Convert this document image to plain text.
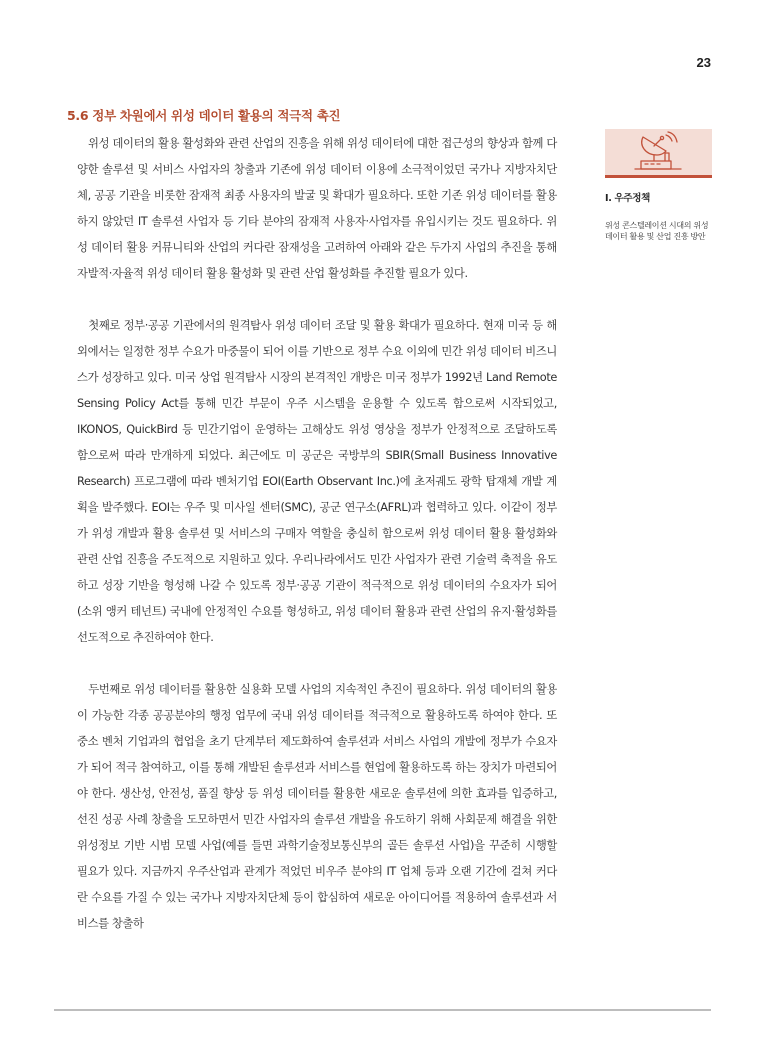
23
5.6 정부 차원에서 위성 데이터 활용의 적극적 촉진

　위성 데이터의 활용 활성화와 관련 산업의 진흥을 위해 위성 데이터에 대한 접근성의 향상과 함께 다양한 솔루션 및 서비스 사업자의 창출과 기존에 위성 데이터 이용에 소극적이었던 국가나 지방자치단체, 공공 기관을 비롯한 잠재적 최종 사용자의 발굴 및 확대가 필요하다. 또한 기존 위성 데이터를 활용하지 않았던 IT 솔루션 사업자 등 기타 분야의 잠재적 사용자·사업자를 유입시키는 것도 필요하다. 위성 데이터 활용 커뮤니티와 산업의 커다란 잠재성을 고려하여 아래와 같은 두가지 사업의 추진을 통해 자발적·자율적 위성 데이터 활용 활성화 및 관련 산업 활성화를 추진할 필요가 있다.

　첫째로 정부·공공 기관에서의 원격탐사 위성 데이터 조달 및 활용 확대가 필요하다. 현재 미국 등 해외에서는 일정한 정부 수요가 마중물이 되어 이를 기반으로 정부 수요 이외에 민간 위성 데이터 비즈니스가 성장하고 있다. 미국 상업 원격탐사 시장의 본격적인 개방은 미국 정부가 1992년 Land Remote Sensing Policy Act를 통해 민간 부문이 우주 시스템을 운용할 수 있도록 함으로써 시작되었고, IKONOS, QuickBird 등 민간기업이 운영하는 고해상도 위성 영상을 정부가 안정적으로 조달하도록 함으로써 따라 만개하게 되었다. 최근에도 미 공군은 국방부의 SBIR(Small Business Innovative Research) 프로그램에 따라 벤처기업 EOI(Earth Observant Inc.)에 초저궤도 광학 탑재체 개발 계획을 발주했다. EOI는 우주 및 미사일 센터(SMC), 공군 연구소(AFRL)과 협력하고 있다. 이같이 정부가 위성 개발과 활용 솔루션 및 서비스의 구매자 역할을 충실히 함으로써 위성 데이터 활용 활성화와 관련 산업 진흥을 주도적으로 지원하고 있다. 우리나라에서도 민간 사업자가 관련 기술력 축적을 유도하고 성장 기반을 형성해 나갈 수 있도록 정부·공공 기관이 적극적으로 위성 데이터의 수요자가 되어(소위 앵커 테넌트) 국내에 안정적인 수요를 형성하고, 위성 데이터 활용과 관련 산업의 유지·활성화를 선도적으로 추진하여야 한다.

　두번째로 위성 데이터를 활용한 실용화 모델 사업의 지속적인 추진이 필요하다. 위성 데이터의 활용이 가능한 각종 공공분야의 행정 업무에 국내 위성 데이터를 적극적으로 활용하도록 하여야 한다. 또 중소 벤처 기업과의 협업을 초기 단계부터 제도화하여 솔루션과 서비스 사업의 개발에 정부가 수요자가 되어 적극 참여하고, 이를 통해 개발된 솔루션과 서비스를 현업에 활용하도록 하는 장치가 마련되어야 한다. 생산성, 안전성, 품질 향상 등 위성 데이터를 활용한 새로운 솔루션에 의한 효과를 입증하고, 선진 성공 사례 창출을 도모하면서 민간 사업자의 솔루션 개발을 유도하기 위해 사회문제 해결을 위한 위성정보 기반 시범 모델 사업(예를 들면 과학기술정보통신부의 골든 솔루션 사업)을 꾸준히 시행할 필요가 있다. 지금까지 우주산업과 관계가 적었던 비우주 분야의 IT 업체 등과 오랜 기간에 걸쳐 커다란 수요를 가질 수 있는 국가나 지방자치단체 등이 합심하여 새로운 아이디어를 적용하여 솔루션과 서비스를 창출하

I. 우주정책
위성 콘스텔레이션 시대의 위성 데이터 활용 및 산업 진흥 방안
